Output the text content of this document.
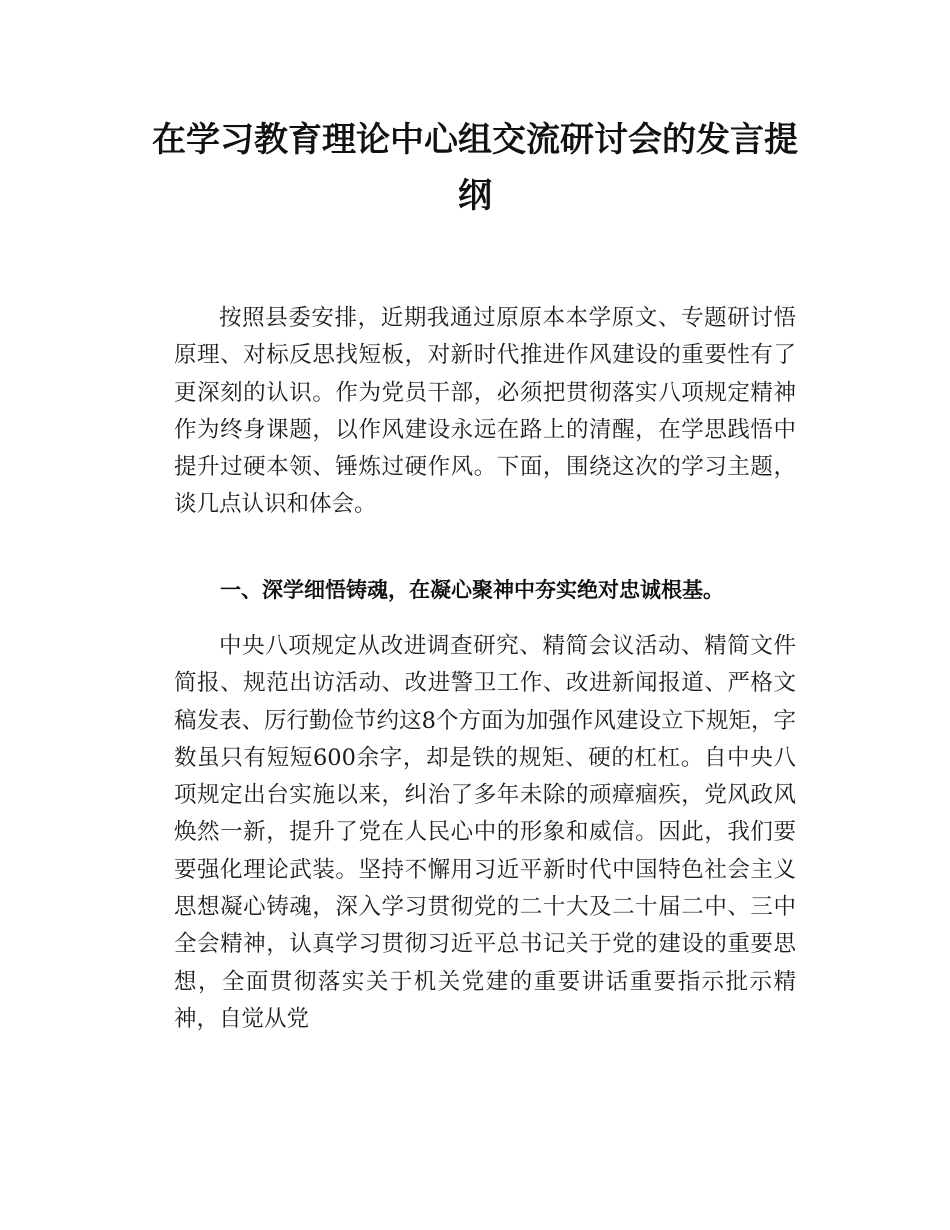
在学习教育理论中心组交流研讨会的发言提纲

按照县委安排，近期我通过原原本本学原文、专题研讨悟原理、对标反思找短板，对新时代推进作风建设的重要性有了更深刻的认识。作为党员干部，必须把贯彻落实八项规定精神作为终身课题，以作风建设永远在路上的清醒，在学思践悟中提升过硬本领、锤炼过硬作风。下面，围绕这次的学习主题，谈几点认识和体会。

一、深学细悟铸魂，在凝心聚神中夯实绝对忠诚根基。

中央八项规定从改进调查研究、精简会议活动、精简文件简报、规范出访活动、改进警卫工作、改进新闻报道、严格文稿发表、厉行勤俭节约这8个方面为加强作风建设立下规矩，字数虽只有短短600余字，却是铁的规矩、硬的杠杠。自中央八项规定出台实施以来，纠治了多年未除的顽瘴痼疾，党风政风焕然一新，提升了党在人民心中的形象和威信。因此，我们要要强化理论武装。坚持不懈用习近平新时代中国特色社会主义思想凝心铸魂，深入学习贯彻党的二十大及二十届二中、三中全会精神，认真学习贯彻习近平总书记关于党的建设的重要思想，全面贯彻落实关于机关党建的重要讲话重要指示批示精神，自觉从党
